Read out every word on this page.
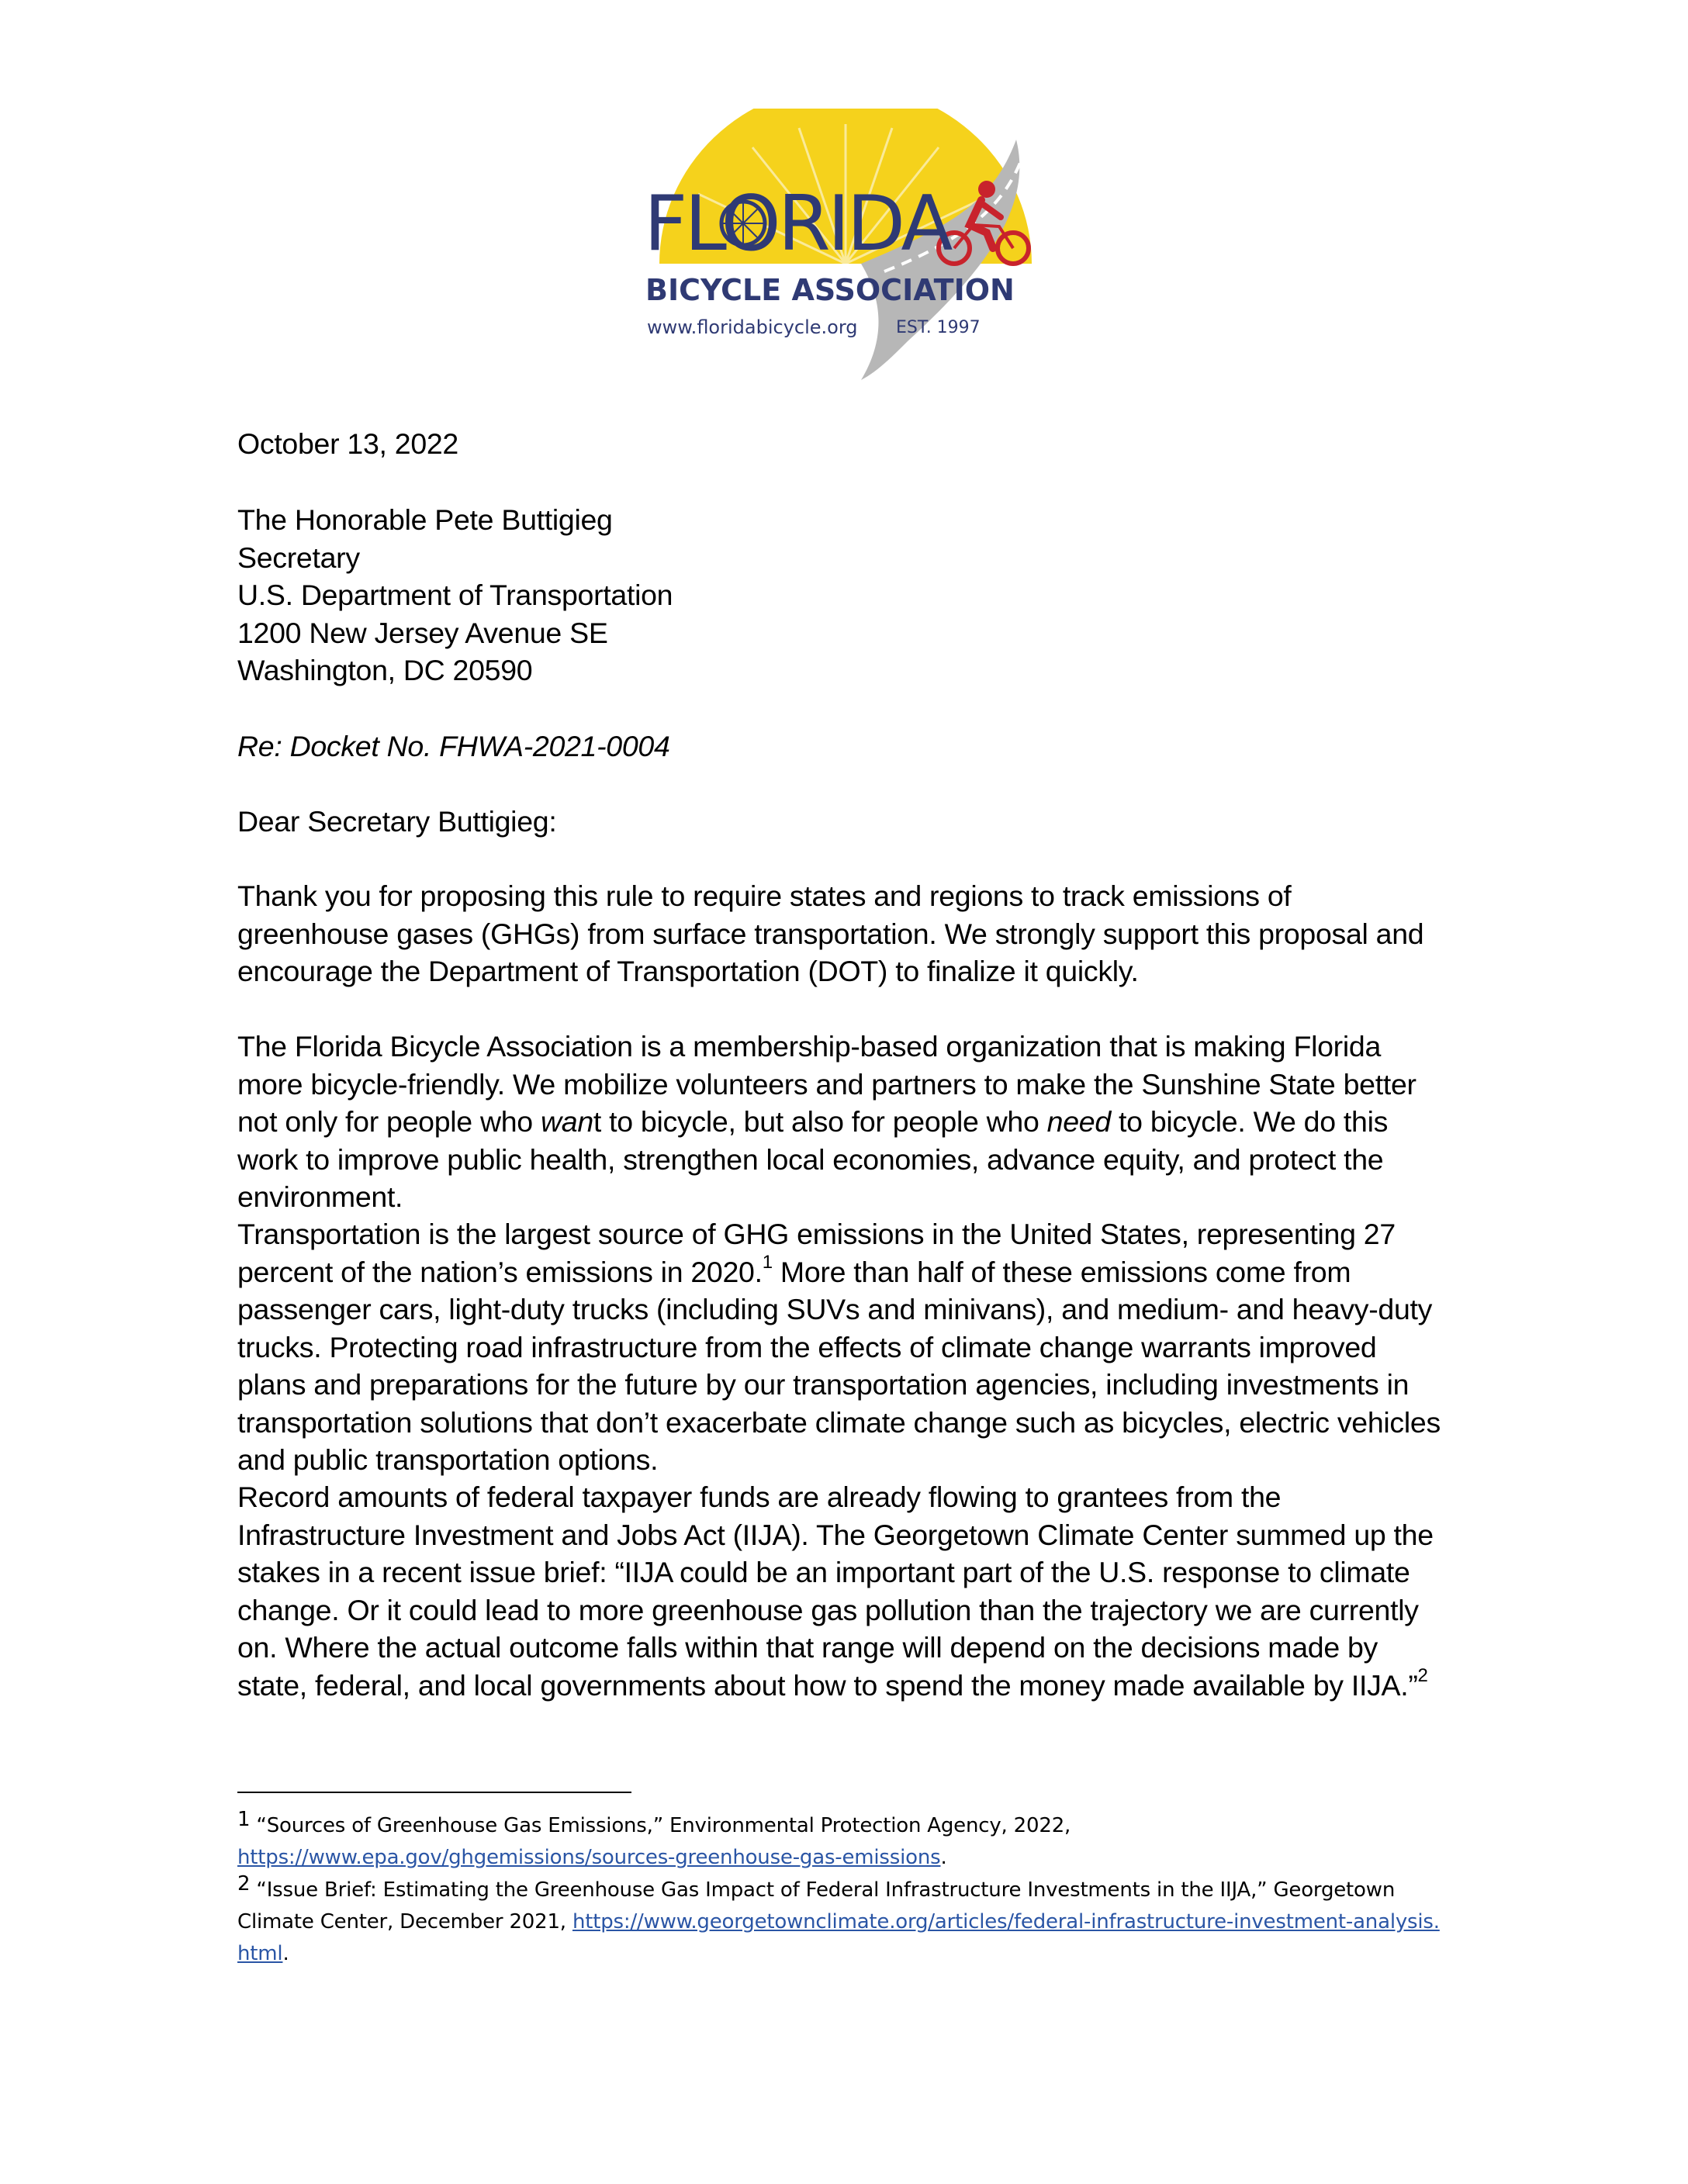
FLORIDA
BICYCLE ASSOCIATION
www.floridabicycle.org EST. 1997
October 13, 2022
The Honorable Pete Buttigieg
Secretary
U.S. Department of Transportation
1200 New Jersey Avenue SE
Washington, DC 20590
Re: Docket No. FHWA-2021-0004
Dear Secretary Buttigieg:

Thank you for proposing this rule to require states and regions to track emissions of greenhouse gases (GHGs) from surface transportation. We strongly support this proposal and encourage the Department of Transportation (DOT) to finalize it quickly.

The Florida Bicycle Association is a membership-based organization that is making Florida more bicycle-friendly. We mobilize volunteers and partners to make the Sunshine State better not only for people who want to bicycle, but also for people who need to bicycle. We do this work to improve public health, strengthen local economies, advance equity, and protect the environment.

Transportation is the largest source of GHG emissions in the United States, representing 27 percent of the nation’s emissions in 2020.$^1$ More than half of these emissions come from passenger cars, light-duty trucks (including SUVs and minivans), and medium- and heavy-duty trucks. Protecting road infrastructure from the effects of climate change warrants improved plans and preparations for the future by our transportation agencies, including investments in transportation solutions that don’t exacerbate climate change such as bicycles, electric vehicles and public transportation options.

Record amounts of federal taxpayer funds are already flowing to grantees from the Infrastructure Investment and Jobs Act (IIJA). The Georgetown Climate Center summed up the stakes in a recent issue brief: “IIJA could be an important part of the U.S. response to climate change. Or it could lead to more greenhouse gas pollution than the trajectory we are currently on. Where the actual outcome falls within that range will depend on the decisions made by state, federal, and local governments about how to spend the money made available by IIJA.”$^2$

1 “Sources of Greenhouse Gas Emissions,” Environmental Protection Agency, 2022,
https://www.epa.gov/ghgemissions/sources-greenhouse-gas-emissions.
2 “Issue Brief: Estimating the Greenhouse Gas Impact of Federal Infrastructure Investments in the IIJA,” Georgetown Climate Center, December 2021, https://www.georgetownclimate.org/articles/federal-infrastructure-investment-analysis.html.
